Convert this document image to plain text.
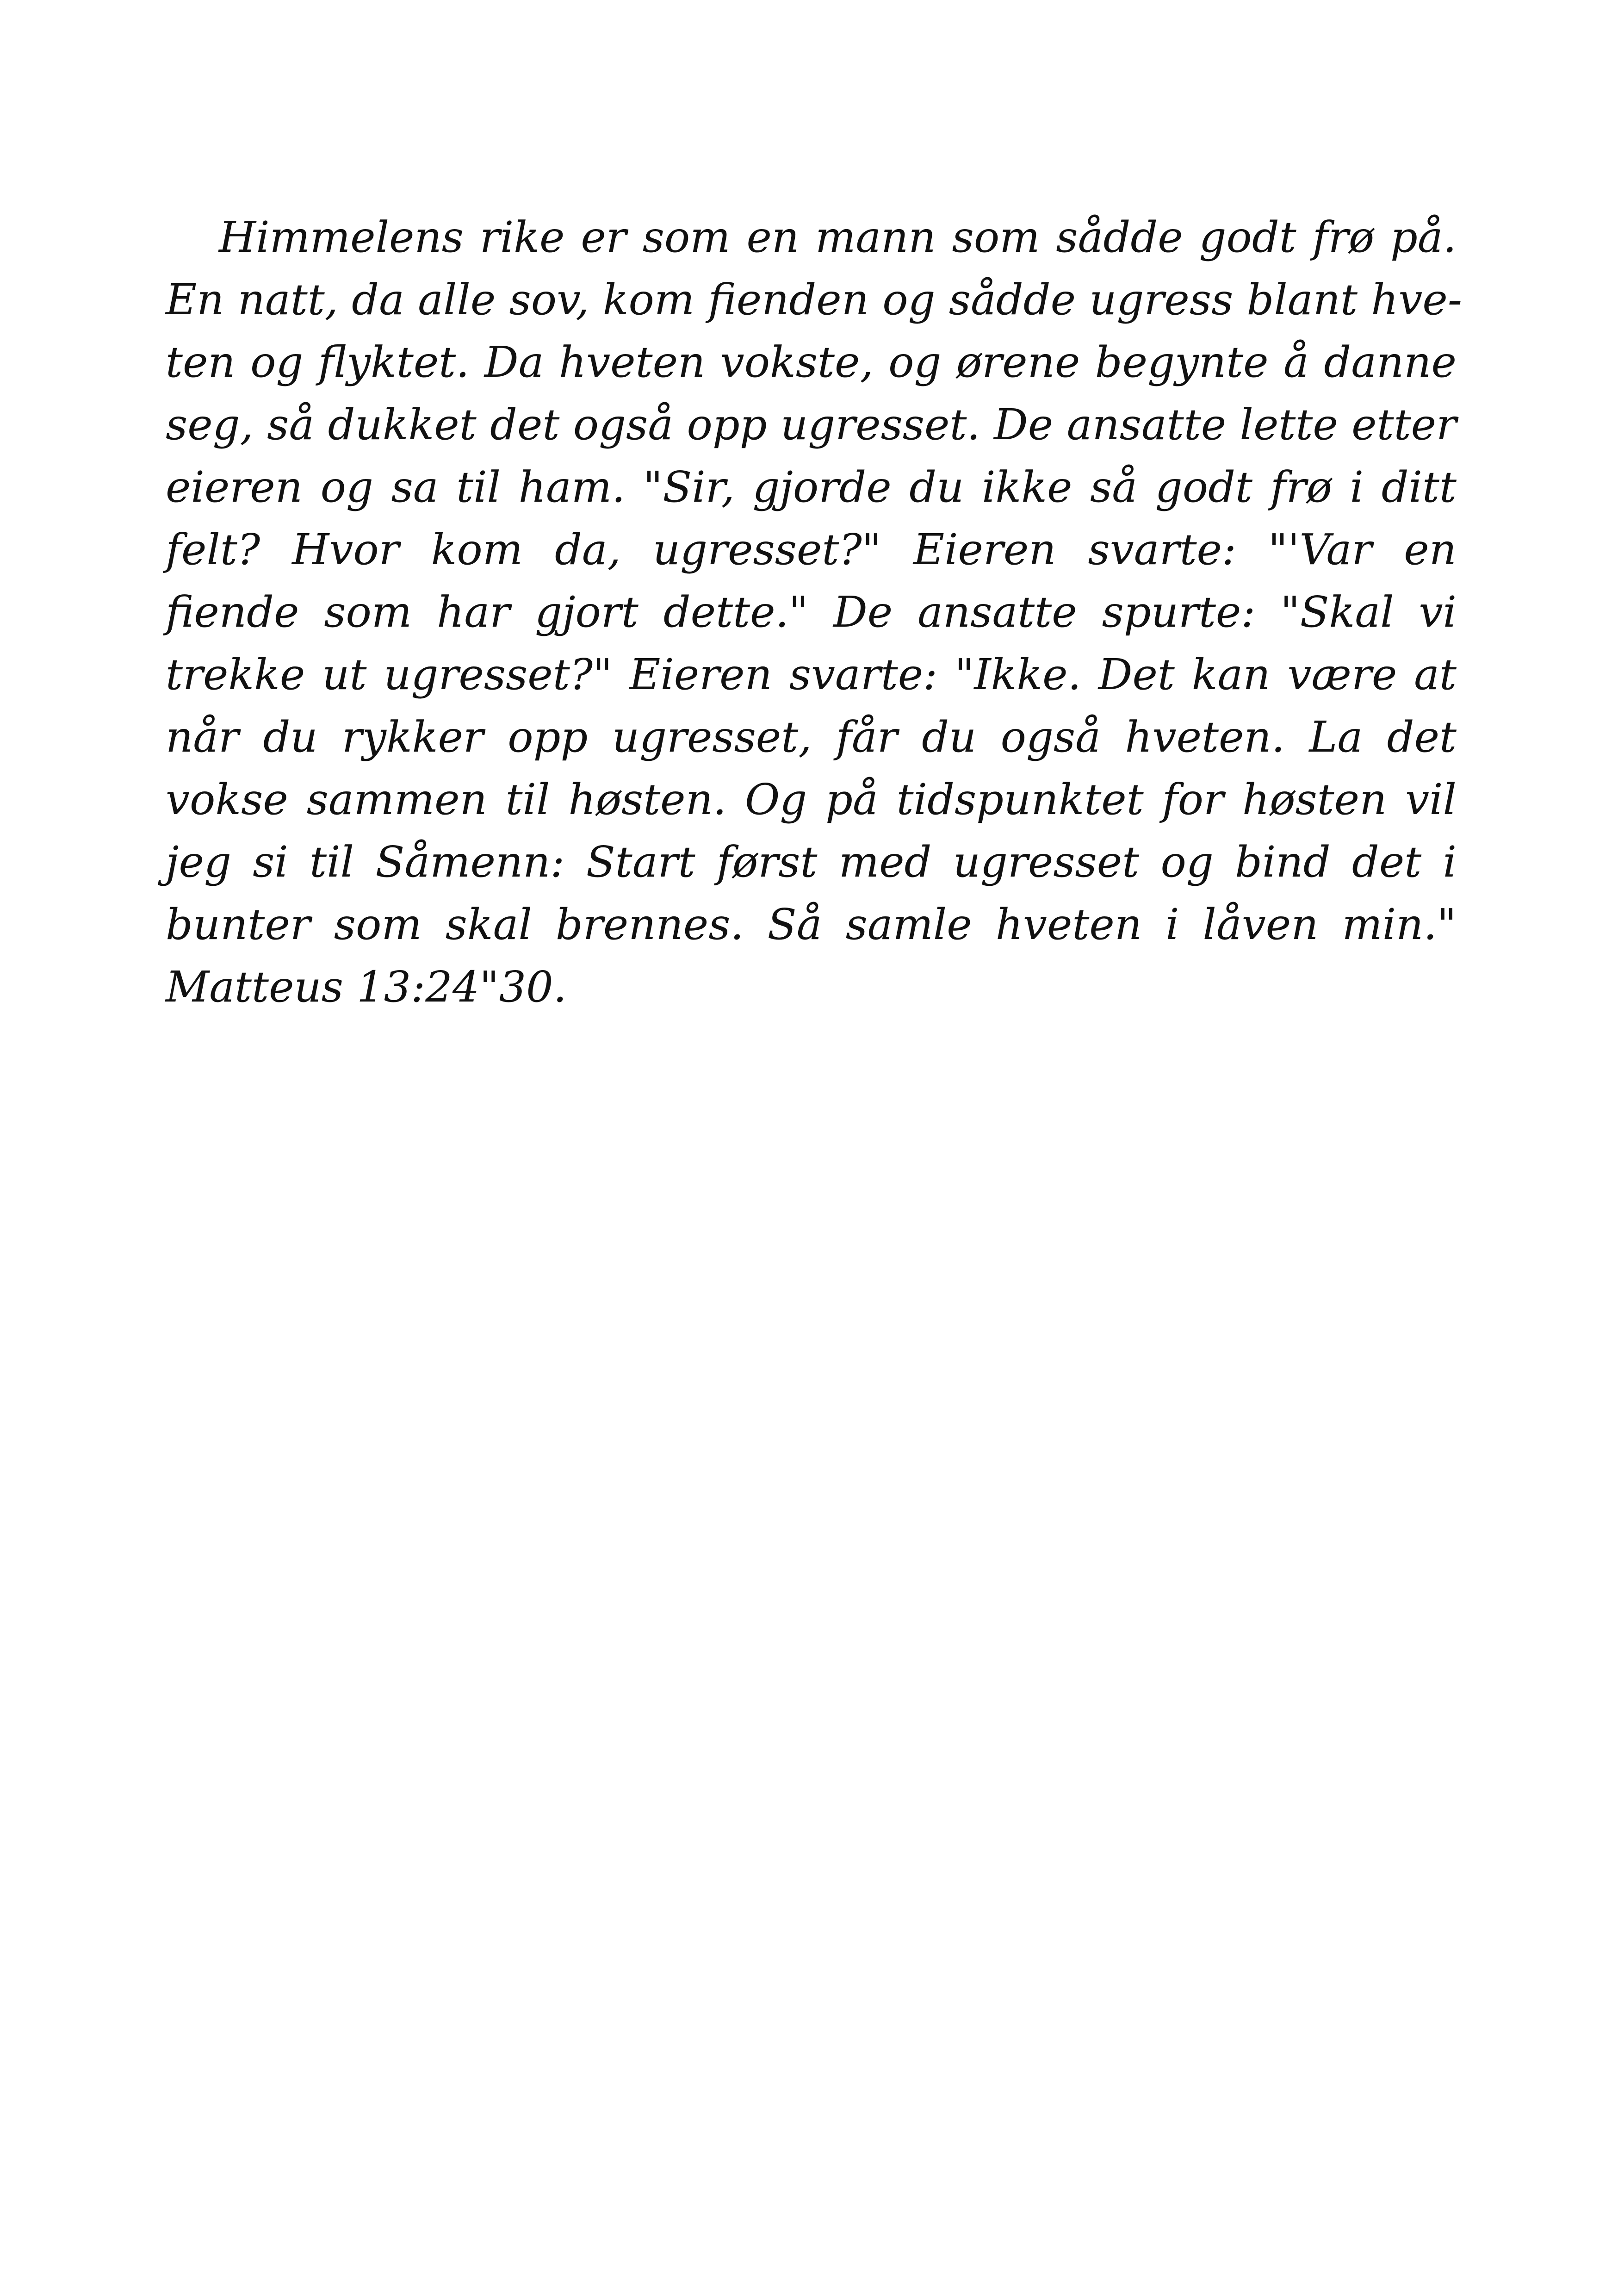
Himmelens rike er som en mann som sådde godt frø på.
En natt, da alle sov, kom fienden og sådde ugress blant hve-
ten og flyktet. Da hveten vokste, og ørene begynte å danne
seg, så dukket det også opp ugresset. De ansatte lette etter
eieren og sa til ham. "Sir, gjorde du ikke så godt frø i ditt
felt? Hvor kom da, ugresset?" Eieren svarte: "'Var en
fiende som har gjort dette." De ansatte spurte: "Skal vi
trekke ut ugresset?" Eieren svarte: "Ikke. Det kan være at
når du rykker opp ugresset, får du også hveten. La det
vokse sammen til høsten. Og på tidspunktet for høsten vil
jeg si til Såmenn: Start først med ugresset og bind det i
bunter som skal brennes. Så samle hveten i låven min."
Matteus 13:24"30.
